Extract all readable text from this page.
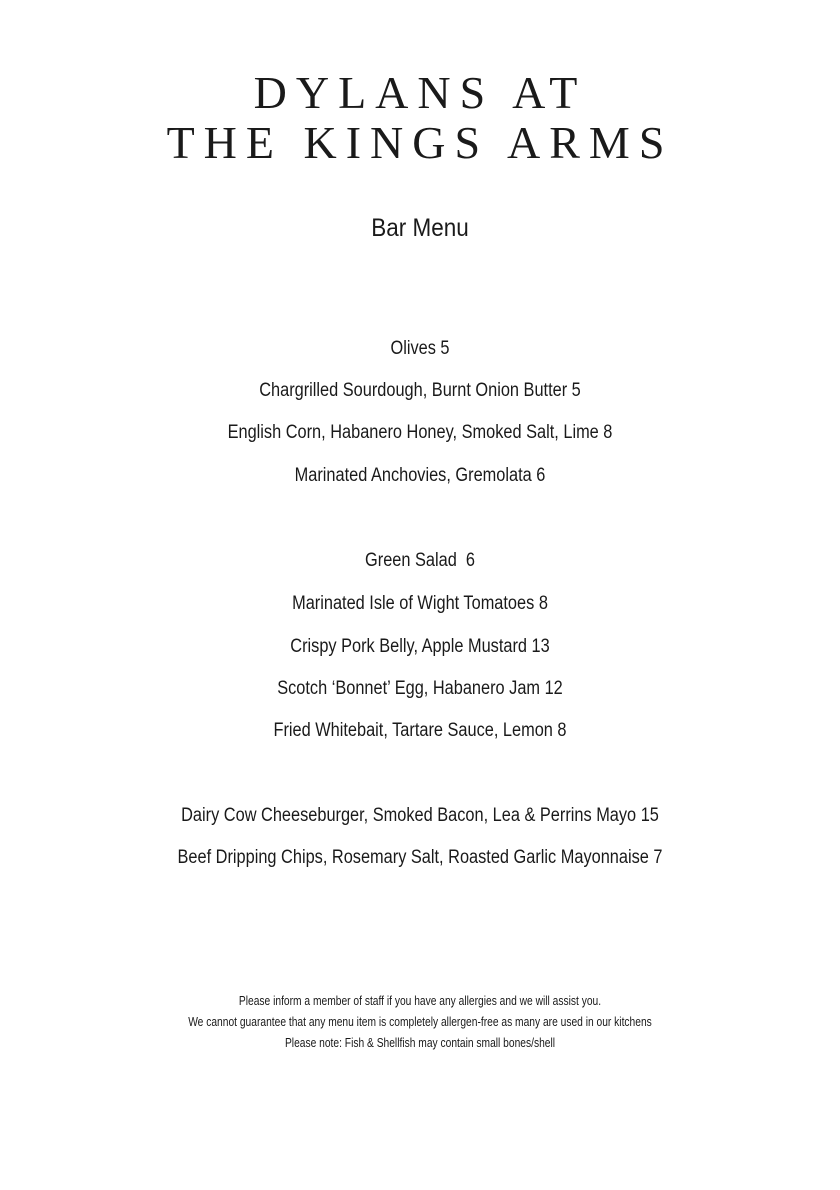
DYLANS AT
THE KINGS ARMS
Bar Menu
Olives 5
Chargrilled Sourdough, Burnt Onion Butter 5
English Corn, Habanero Honey, Smoked Salt, Lime 8
Marinated Anchovies, Gremolata 6
Green Salad  6
Marinated Isle of Wight Tomatoes 8
Crispy Pork Belly, Apple Mustard 13
Scotch ‘Bonnet’ Egg, Habanero Jam 12
Fried Whitebait, Tartare Sauce, Lemon 8
Dairy Cow Cheeseburger, Smoked Bacon, Lea & Perrins Mayo 15
Beef Dripping Chips, Rosemary Salt, Roasted Garlic Mayonnaise 7
Please inform a member of staff if you have any allergies and we will assist you.
We cannot guarantee that any menu item is completely allergen-free as many are used in our kitchens
Please note: Fish & Shellfish may contain small bones/shell
